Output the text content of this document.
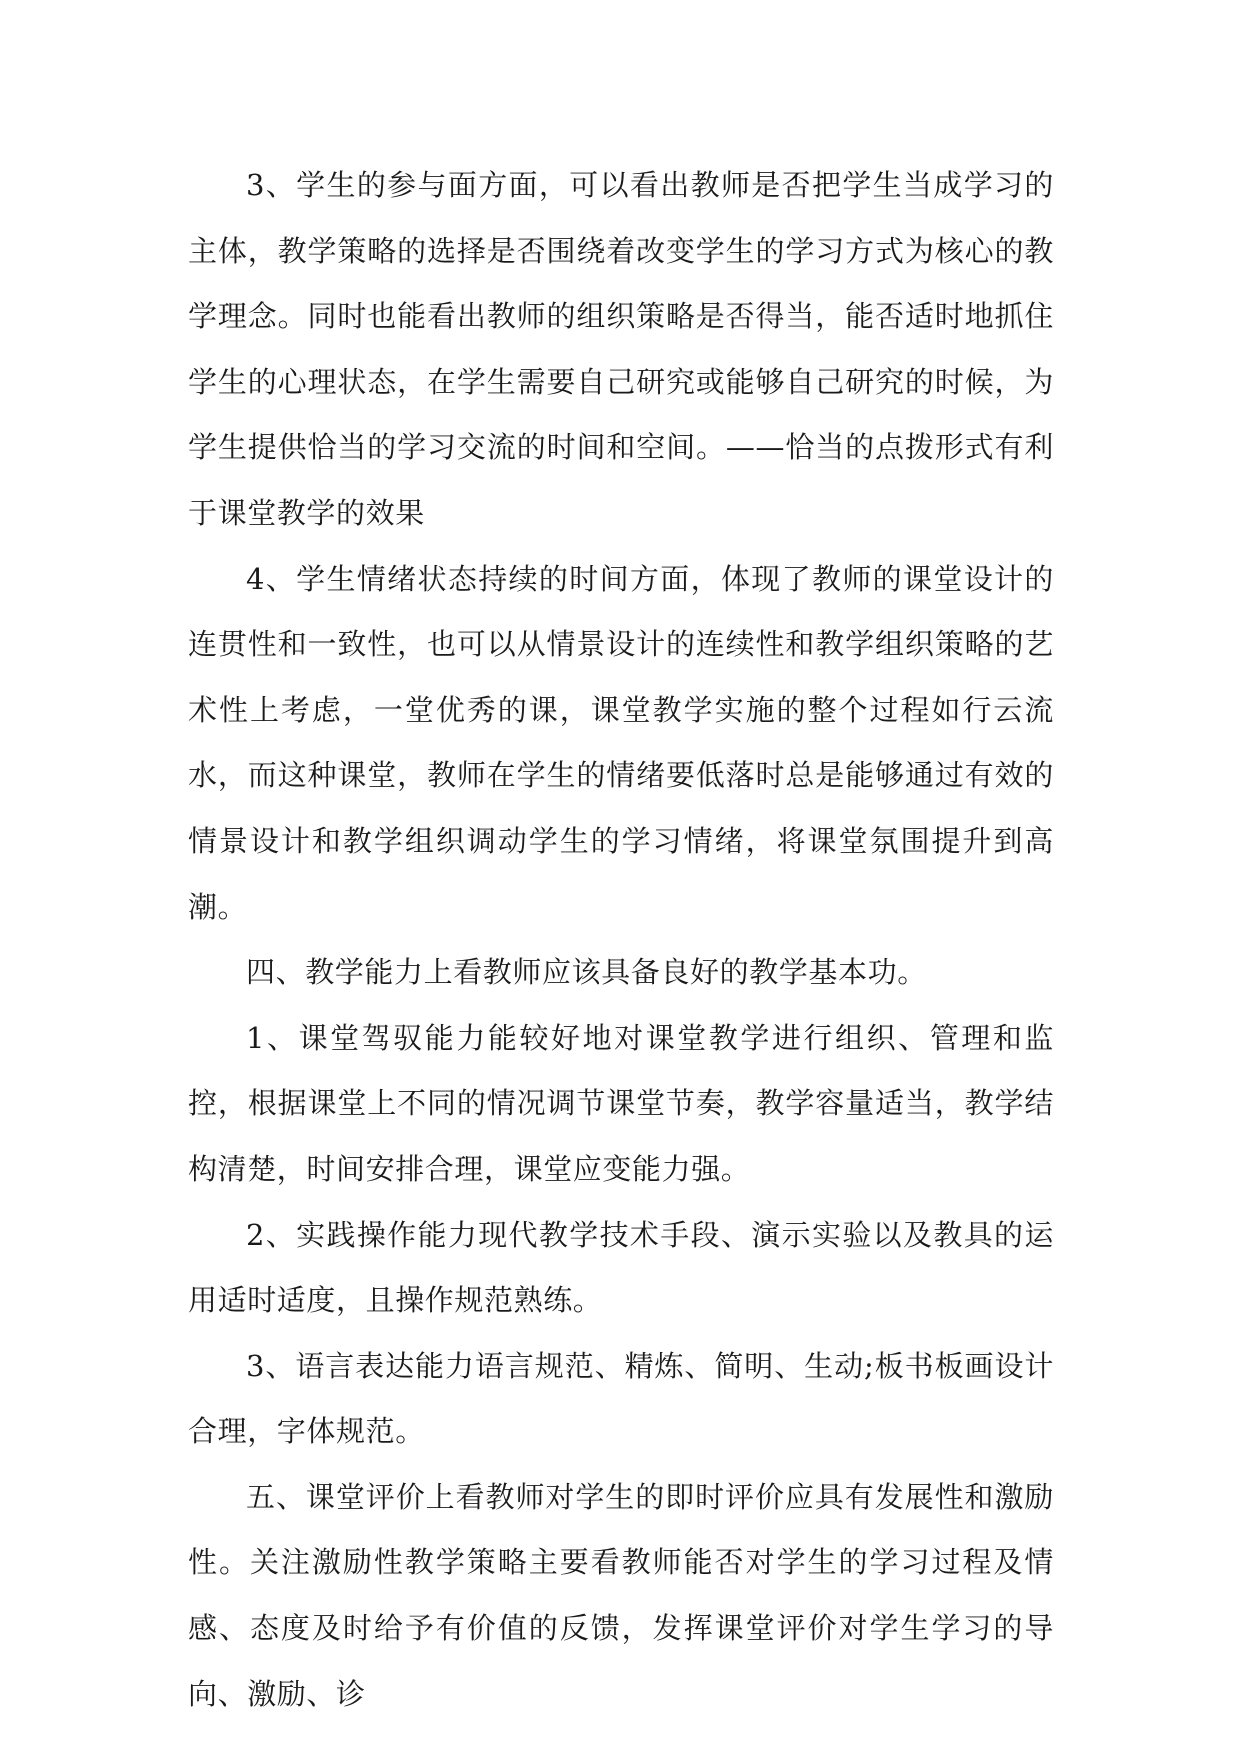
3、学生的参与面方面，可以看出教师是否把学生当成学习的主体，教学策略的选择是否围绕着改变学生的学习方式为核心的教学理念。同时也能看出教师的组织策略是否得当，能否适时地抓住学生的心理状态，在学生需要自己研究或能够自己研究的时候，为学生提供恰当的学习交流的时间和空间。——恰当的点拨形式有利于课堂教学的效果

4、学生情绪状态持续的时间方面，体现了教师的课堂设计的连贯性和一致性，也可以从情景设计的连续性和教学组织策略的艺术性上考虑，一堂优秀的课，课堂教学实施的整个过程如行云流水，而这种课堂，教师在学生的情绪要低落时总是能够通过有效的情景设计和教学组织调动学生的学习情绪，将课堂氛围提升到高潮。

四、教学能力上看教师应该具备良好的教学基本功。

1、课堂驾驭能力能较好地对课堂教学进行组织、管理和监控，根据课堂上不同的情况调节课堂节奏，教学容量适当，教学结构清楚，时间安排合理，课堂应变能力强。

2、实践操作能力现代教学技术手段、演示实验以及教具的运用适时适度，且操作规范熟练。

3、语言表达能力语言规范、精炼、简明、生动;板书板画设计合理，字体规范。

五、课堂评价上看教师对学生的即时评价应具有发展性和激励性。关注激励性教学策略主要看教师能否对学生的学习过程及情感、态度及时给予有价值的反馈，发挥课堂评价对学生学习的导向、激励、诊
